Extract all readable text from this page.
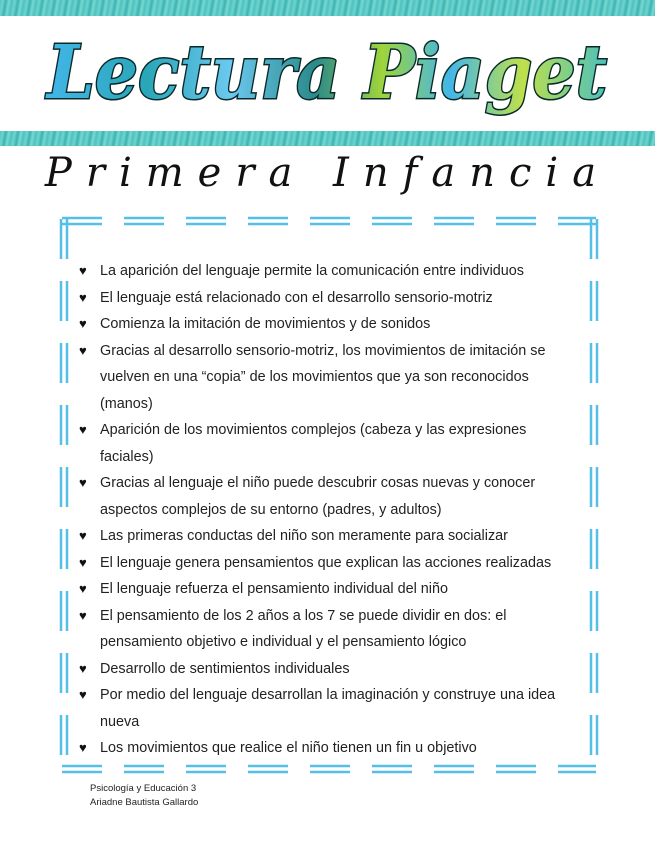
Lectura Piaget
Primera Infancia
♥ La aparición del lenguaje permite la comunicación entre individuos
♥ El lenguaje está relacionado con el desarrollo sensorio-motriz
♥ Comienza la imitación de movimientos y de sonidos
♥ Gracias al desarrollo sensorio-motriz, los movimientos de imitación se vuelven en una “copia” de los movimientos que ya son reconocidos (manos)
♥ Aparición de los movimientos complejos (cabeza y las expresiones faciales)
♥ Gracias al lenguaje el niño puede descubrir cosas nuevas y conocer aspectos complejos de su entorno (padres, y adultos)
♥ Las primeras conductas del niño son meramente para socializar
♥ El lenguaje genera pensamientos que explican las acciones realizadas
♥ El lenguaje refuerza el pensamiento individual del niño
♥ El pensamiento de los 2 años a los 7 se puede dividir en dos: el pensamiento objetivo e individual y el pensamiento lógico
♥ Desarrollo de sentimientos individuales
♥ Por medio del lenguaje desarrollan la imaginación y construye una idea nueva
♥ Los movimientos que realice el niño tienen un fin u objetivo
Psicología y Educación 3
Ariadne Bautista Gallardo
